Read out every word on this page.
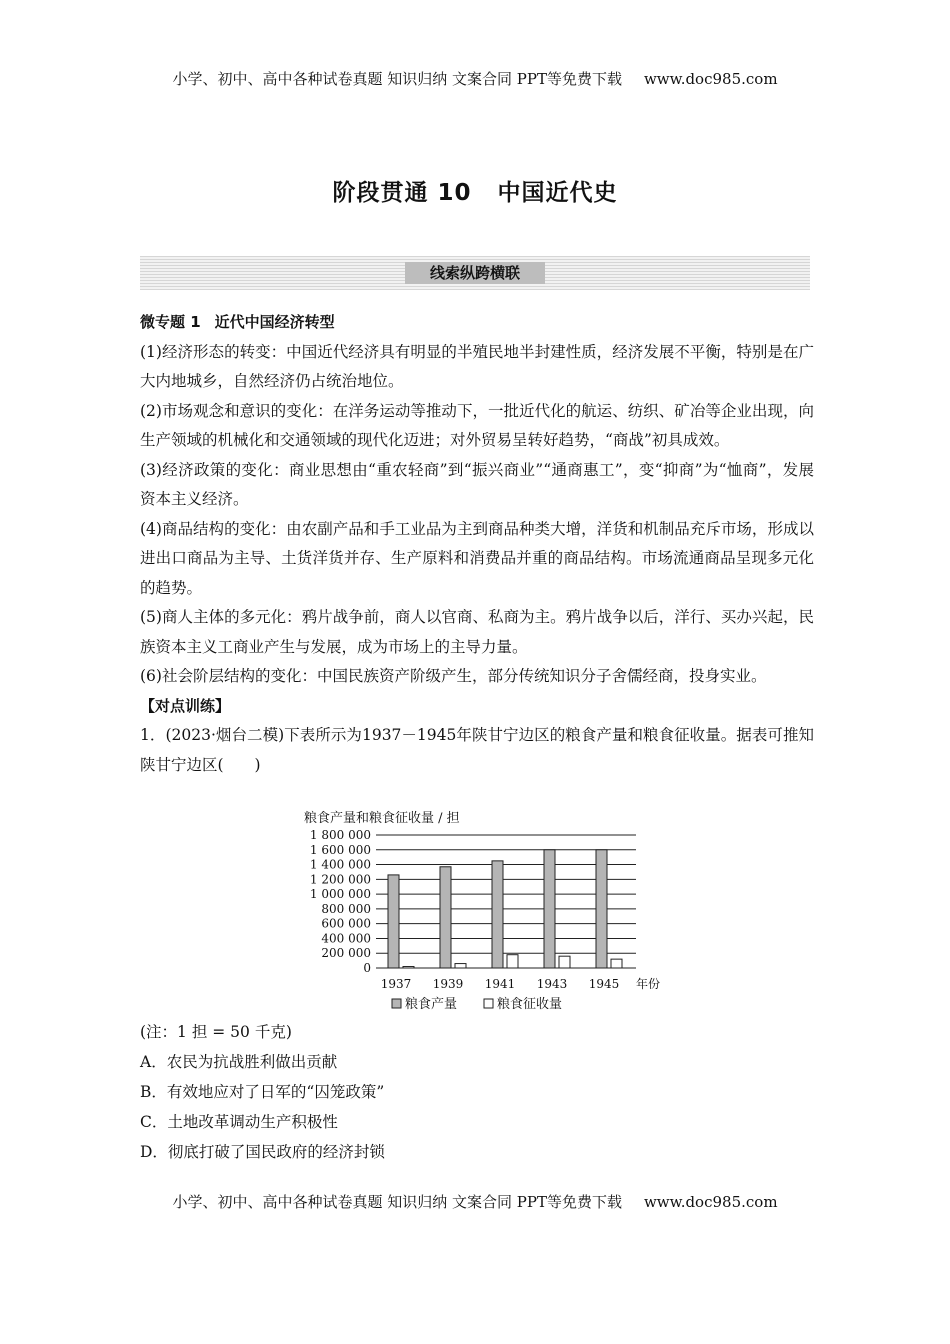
小学、初中、高中各种试卷真题 知识归纳 文案合同 PPT等免费下载 www.doc985.com
阶段贯通 10 中国近代史
线索纵跨横联

微专题 1 近代中国经济转型

(1)经济形态的转变：中国近代经济具有明显的半殖民地半封建性质，经济发展不平衡，特别是在广大内地城乡，自然经济仍占统治地位。

(2)市场观念和意识的变化：在洋务运动等推动下，一批近代化的航运、纺织、矿冶等企业出现，向生产领域的机械化和交通领域的现代化迈进；对外贸易呈转好趋势，“商战”初具成效。

(3)经济政策的变化：商业思想由“重农轻商”到“振兴商业”“通商惠工”，变“抑商”为“恤商”，发展资本主义经济。

(4)商品结构的变化：由农副产品和手工业品为主到商品种类大增，洋货和机制品充斥市场，形成以进出口商品为主导、土货洋货并存、生产原料和消费品并重的商品结构。市场流通商品呈现多元化的趋势。

(5)商人主体的多元化：鸦片战争前，商人以官商、私商为主。鸦片战争以后，洋行、买办兴起，民族资本主义工商业产生与发展，成为市场上的主导力量。

(6)社会阶层结构的变化：中国民族资产阶级产生，部分传统知识分子舍儒经商，投身实业。

【对点训练】

1．(2023·烟台二模)下表所示为1937－1945年陕甘宁边区的粮食产量和粮食征收量。据表可推知陕甘宁边区(　　)

粮食产量和粮食征收量 / 担
0
200 000
400 000
600 000
800 000
1 000 000
1 200 000
1 400 000
1 600 000
1 800 000
1937 1939 1941 1943 1945 年份
粮食产量	粮食征收量

(注：1 担 = 50 千克)

A．农民为抗战胜利做出贡献

B．有效地应对了日军的“囚笼政策”

C．土地改革调动生产积极性

D．彻底打破了国民政府的经济封锁

小学、初中、高中各种试卷真题 知识归纳 文案合同 PPT等免费下载 www.doc985.com
